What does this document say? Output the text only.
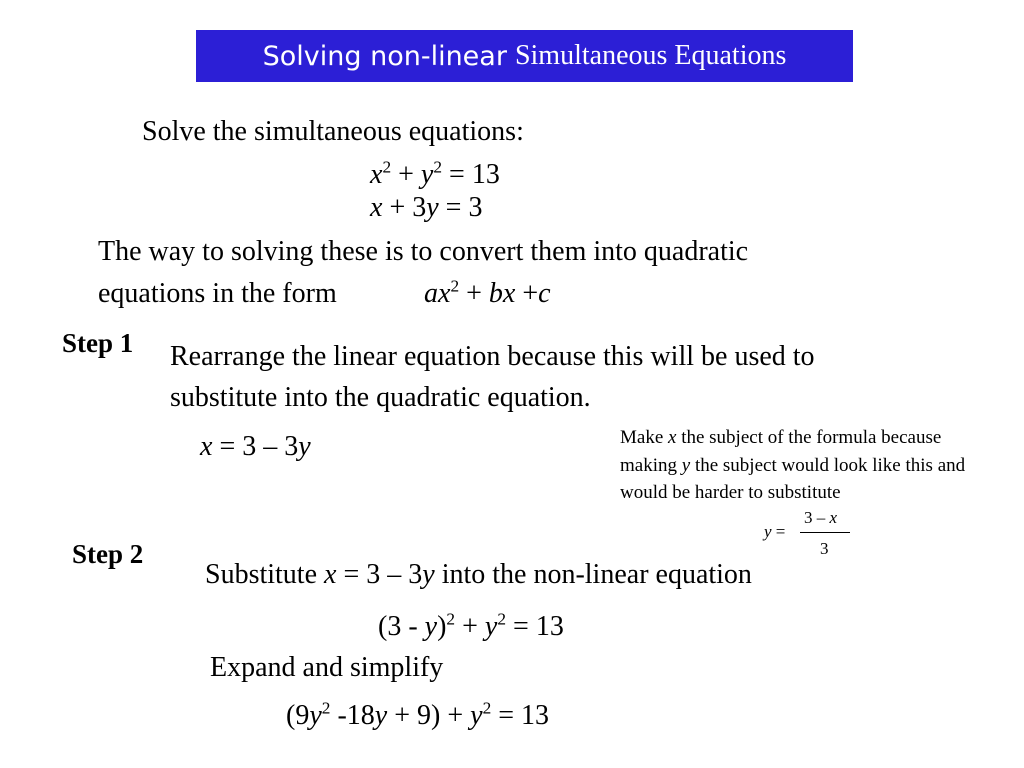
Solving non-linear Simultaneous Equations
Solve the simultaneous equations:
$x^2 + y^2 = 13$
x + 3y = 3
The way to solving these is to convert them into quadratic
equations in the form	$ax^2$ + bx +c
Step 1 Rearrange the linear equation because this will be used to
substitute into the quadratic equation.
x = 3 – 3y	Make x the subject of the formula because making y the subject would look like this and would be harder to substitute
y =
3 – x
3
Step 2
Substitute x = 3 – 3y into the non-linear equation
$(3 - y)^2 + y^2 = 13$
Expand and simplify
($9y^2$ $-18y + 9) + y^2 = 13$
